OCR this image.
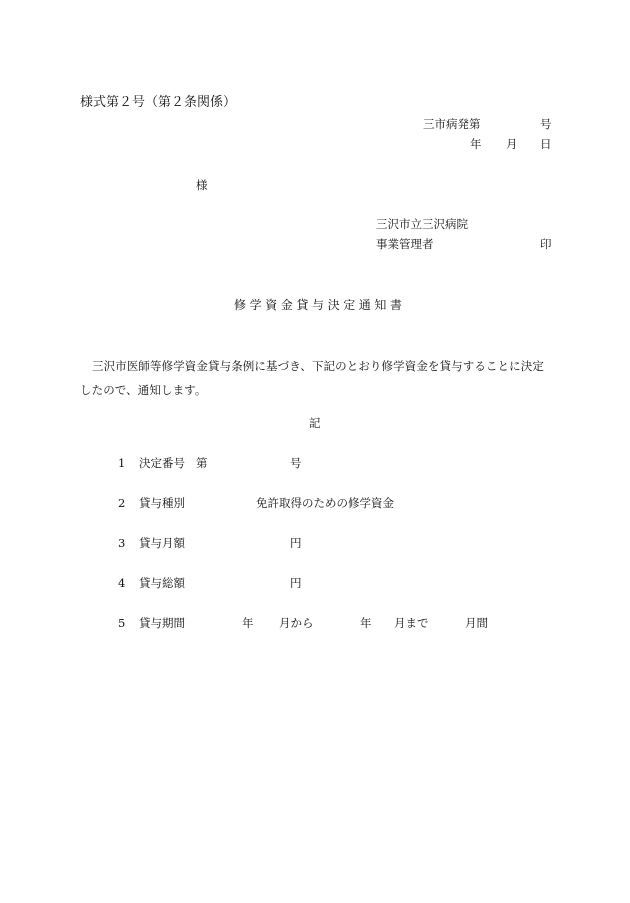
様式第２号（第２条関係）
三市病発第	号
年 月 日
様
三沢市立三沢病院
事業管理者	印
修学資金貸与決定通知書
三沢市医師等修学資金貸与条例に基づき、下記のとおり修学資金を貸与することに決定したので、通知します。
記
1 決定番号 第	号
2 貸与種別	免許取得のための修学資金
3 貸与月額	円
4 貸与総額	円
5 貸与期間	年 月から	年 月まで	月間
